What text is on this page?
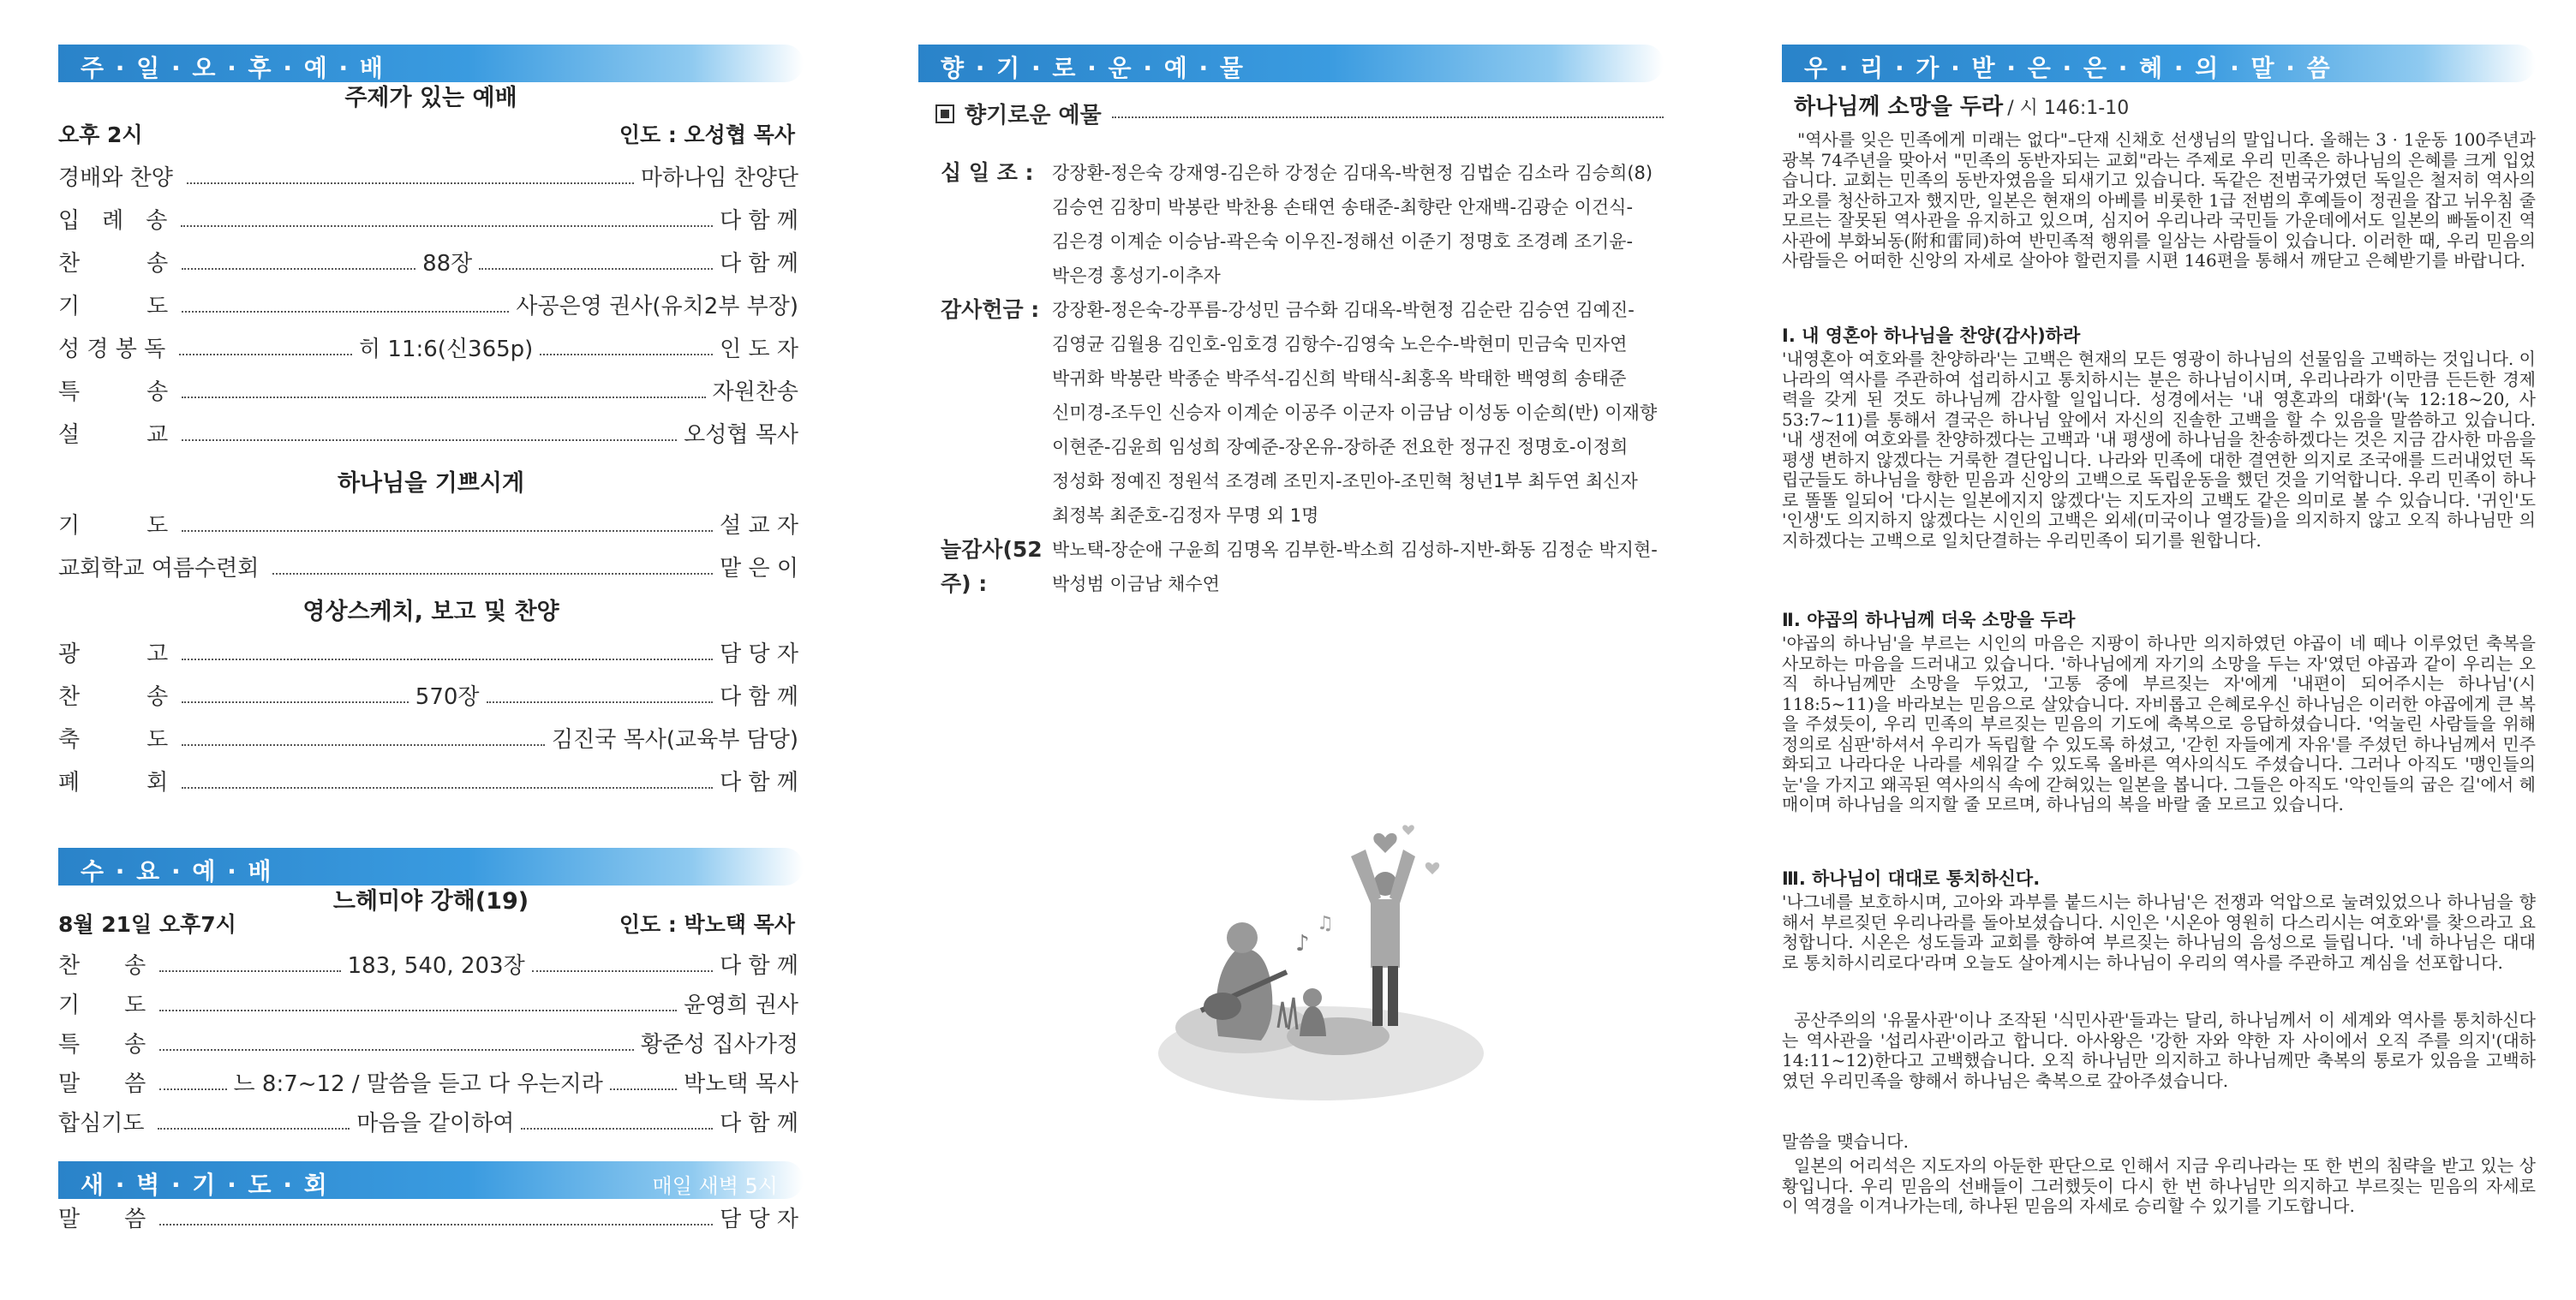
주 · 일 · 오 · 후 · 예 · 배
주제가 있는 예배
오후 2시	인도 : 오성협 목사
경배와 찬양	마하나임 찬양단
입　례　송	다 함 께
찬　　　송	88장	다 함 께
기　　　도	사공은영 권사(유치2부 부장)
성 경 봉 독	히 11:6(신365p)	인 도 자
특　　　송	자원찬송
설　　　교	오성협 목사
하나님을 기쁘시게
기　　　도	설 교 자
교회학교 여름수련회	맡 은 이
영상스케치, 보고 및 찬양
광　　　고	담 당 자
찬　　　송	570장	다 함 께
축　　　도	김진국 목사(교육부 담당)
폐　　　회	다 함 께
수 · 요 · 예 · 배
느헤미야 강해(19)
8월 21일 오후7시	인도 : 박노택 목사
찬　　송	183, 540, 203장	다 함 께
기　　도	윤영희 권사
특　　송	황준성 집사가정
말　　씀	느 8:7~12 / 말씀을 듣고 다 우는지라	박노택 목사
합심기도	마음을 같이하여	다 함 께
새 · 벽 · 기 · 도 · 회	매일 새벽 5시
말　　씀	담 당 자
향 · 기 · 로 · 운 · 예 · 물
향기로운 예물
십 일 조 :	강장환-정은숙 강재영-김은하 강정순 김대옥-박현정 김법순 김소라 김승희(8)
김승연 김창미 박봉란 박찬용 손태연 송태준-최향란 안재백-김광순 이건식-
김은경 이계순 이승남-곽은숙 이우진-정해선 이준기 정명호 조경례 조기윤-
박은경 홍성기-이추자
감사헌금 : 강장환-정은숙-강푸름-강성민 금수화 김대옥-박현정 김순란 김승연 김예진-
김영균 김월용 김인호-임호경 김항수-김영숙 노은수-박현미 민금숙 민자연
박귀화 박봉란 박종순 박주석-김신희 박태식-최홍옥 박태한 백영희 송태준
신미경-조두인 신승자 이계순 이공주 이군자 이금남 이성동 이순희(반) 이재향
이현준-김윤희 임성희 장예준-장온유-장하준 전요한 정규진 정명호-이정희
정성화 정예진 정원석 조경례 조민지-조민아-조민혁 청년1부 최두연 최신자
최정복 최준호-김정자 무명 외 1명
늘감사(52주) :
박노택-장순애 구윤희 김명옥 김부한-박소희 김성하-지반-화동 김정순 박지현-
박성범 이금남 채수연
♪
♫
우 · 리 · 가 · 받 · 은 · 은 · 혜 · 의 · 말 · 씀
하나님께 소망을 두라 / 시 146:1-10
"역사를 잊은 민족에게 미래는 없다"–단재 신채호 선생님의 말입니다. 올해는 3 · 1운동 100주년과 광복 74주년을 맞아서 "민족의 동반자되는 교회"라는 주제로 우리 민족은 하나님의 은혜를 크게 입었습니다. 교회는 민족의 동반자였음을 되새기고 있습니다. 독같은 전범국가였던 독일은 철저히 역사의 과오를 청산하고자 했지만, 일본은 현재의 아베를 비롯한 1급 전범의 후예들이 정권을 잡고 뉘우침 줄 모르는 잘못된 역사관을 유지하고 있으며, 심지어 우리나라 국민들 가운데에서도 일본의 빠돌이진 역사관에 부화뇌동(附和雷同)하여 반민족적 행위를 일삼는 사람들이 있습니다. 이러한 때, 우리 믿음의 사람들은 어떠한 신앙의 자세로 살아야 할런지를 시편 146편을 통해서 깨닫고 은혜받기를 바랍니다.
Ⅰ. 내 영혼아 하나님을 찬양(감사)하라
'내영혼아 여호와를 찬양하라'는 고백은 현재의 모든 영광이 하나님의 선물임을 고백하는 것입니다. 이 나라의 역사를 주관하여 섭리하시고 통치하시는 분은 하나님이시며, 우리나라가 이만큼 든든한 경제력을 갖게 된 것도 하나님께 감사할 일입니다. 성경에서는 '내 영혼과의 대화'(눅 12:18~20, 사 53:7~11)를 통해서 결국은 하나님 앞에서 자신의 진솔한 고백을 할 수 있음을 말씀하고 있습니다. '내 생전에 여호와를 찬양하겠다는 고백과 '내 평생에 하나님을 찬송하겠다는 것은 지금 감사한 마음을 평생 변하지 않겠다는 거룩한 결단입니다. 나라와 민족에 대한 결연한 의지로 조국애를 드러내었던 독립군들도 하나님을 향한 믿음과 신앙의 고백으로 독립운동을 했던 것을 기억합니다. 우리 민족이 하나로 똘똘 일되어 '다시는 일본에지지 않겠다'는 지도자의 고백도 같은 의미로 볼 수 있습니다. '귀인'도 '인생'도 의지하지 않겠다는 시인의 고백은 외세(미국이나 열강들)을 의지하지 않고 오직 하나님만 의지하겠다는 고백으로 일치단결하는 우리민족이 되기를 원합니다.
Ⅱ. 야곱의 하나님께 더욱 소망을 두라
'야곱의 하나님'을 부르는 시인의 마음은 지팡이 하나만 의지하였던 야곱이 네 떼나 이루었던 축복을 사모하는 마음을 드러내고 있습니다. '하나님에게 자기의 소망을 두는 자'였던 야곱과 같이 우리는 오직 하나님께만 소망을 두었고, '고통 중에 부르짖는 자'에게 '내편이 되어주시는 하나님'(시 118:5~11)을 바라보는 믿음으로 살았습니다. 자비롭고 은혜로우신 하나님은 이러한 야곱에게 큰 복을 주셨듯이, 우리 민족의 부르짖는 믿음의 기도에 축복으로 응답하셨습니다. '억눌린 사람들을 위해 정의로 심판'하셔서 우리가 독립할 수 있도록 하셨고, '갇힌 자들에게 자유'를 주셨던 하나님께서 민주화되고 나라다운 나라를 세워갈 수 있도록 올바른 역사의식도 주셨습니다. 그러나 아직도 '맹인들의 눈'을 가지고 왜곡된 역사의식 속에 갇혀있는 일본을 봅니다. 그들은 아직도 '악인들의 굽은 길'에서 헤매이며 하나님을 의지할 줄 모르며, 하나님의 복을 바랄 줄 모르고 있습니다.
Ⅲ. 하나님이 대대로 통치하신다.
'나그네를 보호하시며, 고아와 과부를 붙드시는 하나님'은 전쟁과 억압으로 눌려있었으나 하나님을 향해서 부르짖던 우리나라를 돌아보셨습니다. 시인은 '시온아 영원히 다스리시는 여호와'를 찾으라고 요청합니다. 시온은 성도들과 교회를 향하여 부르짖는 하나님의 음성으로 들립니다. '네 하나님은 대대로 통치하시리로다'라며 오늘도 살아계시는 하나님이 우리의 역사를 주관하고 계심을 선포합니다.
공산주의의 '유물사관'이나 조작된 '식민사관'들과는 달리, 하나님께서 이 세계와 역사를 통치하신다는 역사관을 '섭리사관'이라고 합니다. 아사왕은 '강한 자와 약한 자 사이에서 오직 주를 의지'(대하 14:11~12)한다고 고백했습니다. 오직 하나님만 의지하고 하나님께만 축복의 통로가 있음을 고백하였던 우리민족을 향해서 하나님은 축복으로 갚아주셨습니다.
말씀을 맺습니다.
일본의 어리석은 지도자의 아둔한 판단으로 인해서 지금 우리나라는 또 한 번의 침략을 받고 있는 상황입니다. 우리 믿음의 선배들이 그러했듯이 다시 한 번 하나님만 의지하고 부르짖는 믿음의 자세로 이 역경을 이겨나가는데, 하나된 믿음의 자세로 승리할 수 있기를 기도합니다.
